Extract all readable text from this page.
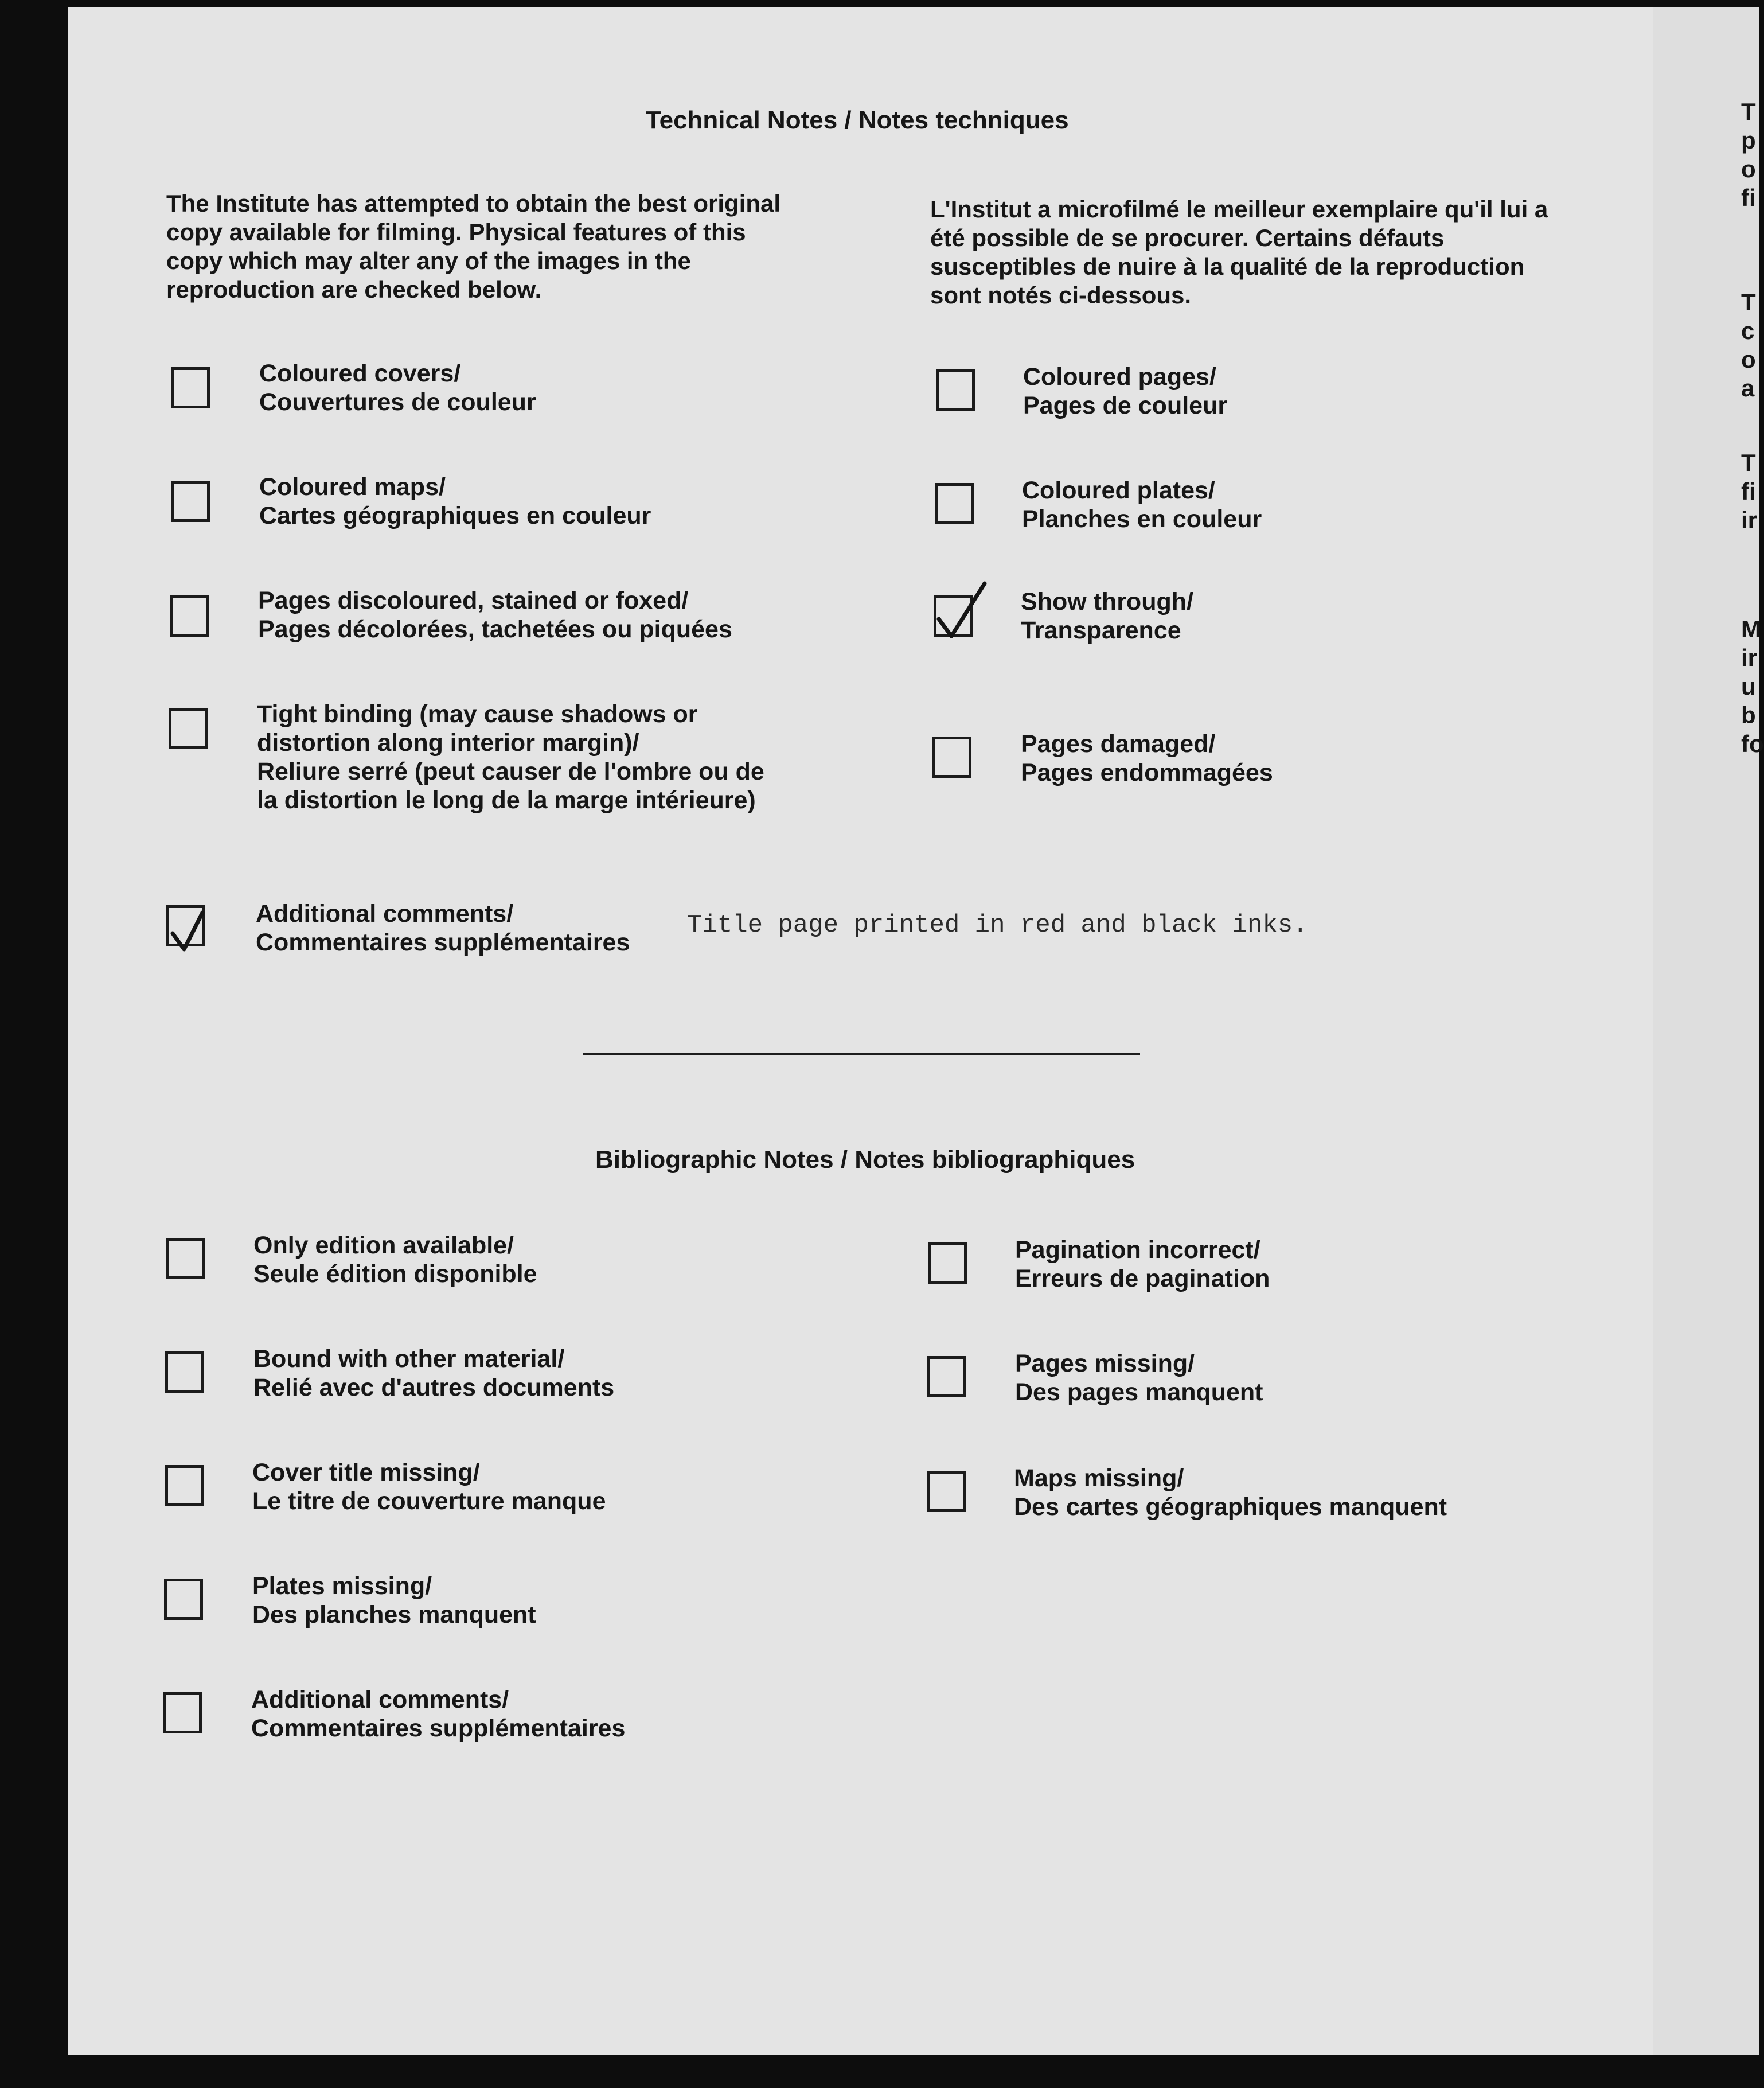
Technical Notes / Notes techniques
The Institute has attempted to obtain the best original copy available for filming. Physical features of this copy which may alter any of the images in the reproduction are checked below.
L'Institut a microfilmé le meilleur exemplaire qu'il lui a été possible de se procurer. Certains défauts susceptibles de nuire à la qualité de la reproduction sont notés ci-dessous.
Coloured covers/
Couvertures de couleur
Coloured maps/
Cartes géographiques en couleur
Pages discoloured, stained or foxed/
Pages décolorées, tachetées ou piquées
Tight binding (may cause shadows or distortion along interior margin)/
Reliure serré (peut causer de l'ombre ou de la distortion le long de la marge intérieure)
Coloured pages/
Pages de couleur
Coloured plates/
Planches en couleur
Show through/
Transparence
Pages damaged/
Pages endommagées
Additional comments/
Commentaires supplémentaires
Title page printed in red and black inks.
Bibliographic Notes / Notes bibliographiques
Only edition available/
Seule édition disponible
Bound with other material/
Relié avec d'autres documents
Cover title missing/
Le titre de couverture manque
Plates missing/
Des planches manquent
Additional comments/
Commentaires supplémentaires
Pagination incorrect/
Erreurs de pagination
Pages missing/
Des pages manquent
Maps missing/
Des cartes géographiques manquent
T
p
o
fi
T
c
o
a
T
fi
ir
M
ir
u
b
fo
